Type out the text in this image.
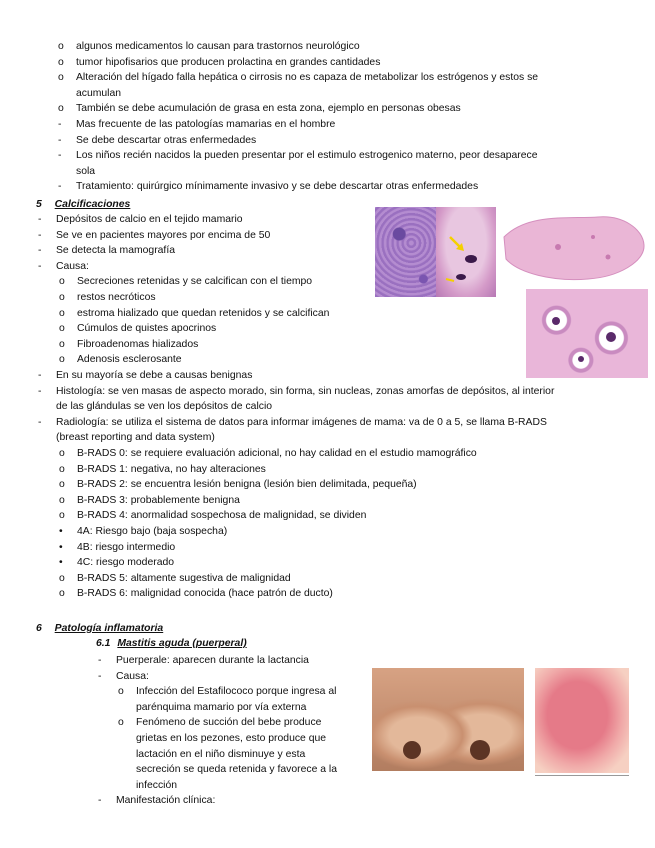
o algunos medicamentos lo causan para trastornos neurológico
o tumor hipofisarios que producen prolactina en grandes cantidades
o Alteración del hígado falla hepática o cirrosis no es capaza de metabolizar los estrógenos y estos se
acumulan
o También se debe acumulación de grasa en esta zona, ejemplo en personas obesas
- Mas frecuente de las patologías mamarias en el hombre
- Se debe descartar otras enfermedades
- Los niños recién nacidos la pueden presentar por el estimulo estrogenico materno, peor desaparece
sola
- Tratamiento: quirúrgico mínimamente invasivo y se debe descartar otras enfermedades
- Depósitos de calcio en el tejido mamario
- Se ve en pacientes mayores por encima de 50
- Se detecta la mamografía
- Causa:
o Secreciones retenidas y se calcifican con el tiempo
o restos necróticos
o estroma hializado que quedan retenidos y se calcifican
o Cúmulos de quistes apocrinos
o Fibroadenomas hializados
o Adenosis esclerosante
- En su mayoría se debe a causas benignas
- Histología: se ven masas de aspecto morado, sin forma, sin nucleas, zonas amorfas de depósitos, al interior
de las glándulas se ven los depósitos de calcio
- Radiología: se utiliza el sistema de datos para informar imágenes de mama: va de 0 a 5, se llama B-RADS
(breast reporting and data system)
o B-RADS 0: se requiere evaluación adicional, no hay calidad en el estudio mamográfico
o B-RADS 1: negativa, no hay alteraciones
o B-RADS 2: se encuentra lesión benigna (lesión bien delimitada, pequeña)
o B-RADS 3: probablemente benigna
o B-RADS 4: anormalidad sospechosa de malignidad, se dividen
• 4A: Riesgo bajo (baja sospecha)
• 4B: riesgo intermedio
• 4C: riesgo moderado
o B-RADS 5: altamente sugestiva de malignidad
o B-RADS 6: malignidad conocida (hace patrón de ducto)
- Puerperale: aparecen durante la lactancia
- Causa:
o Infección del Estafilococo porque ingresa al
parénquima mamario por vía externa
o Fenómeno de succión del bebe produce
grietas en los pezones, esto produce que
lactación en el niño disminuye y esta
secreción se queda retenida y favorece a la
infección
- Manifestación clínica:
5 Calcificaciones
6 Patología inflamatoria
6.1 Mastitis aguda (puerperal)
